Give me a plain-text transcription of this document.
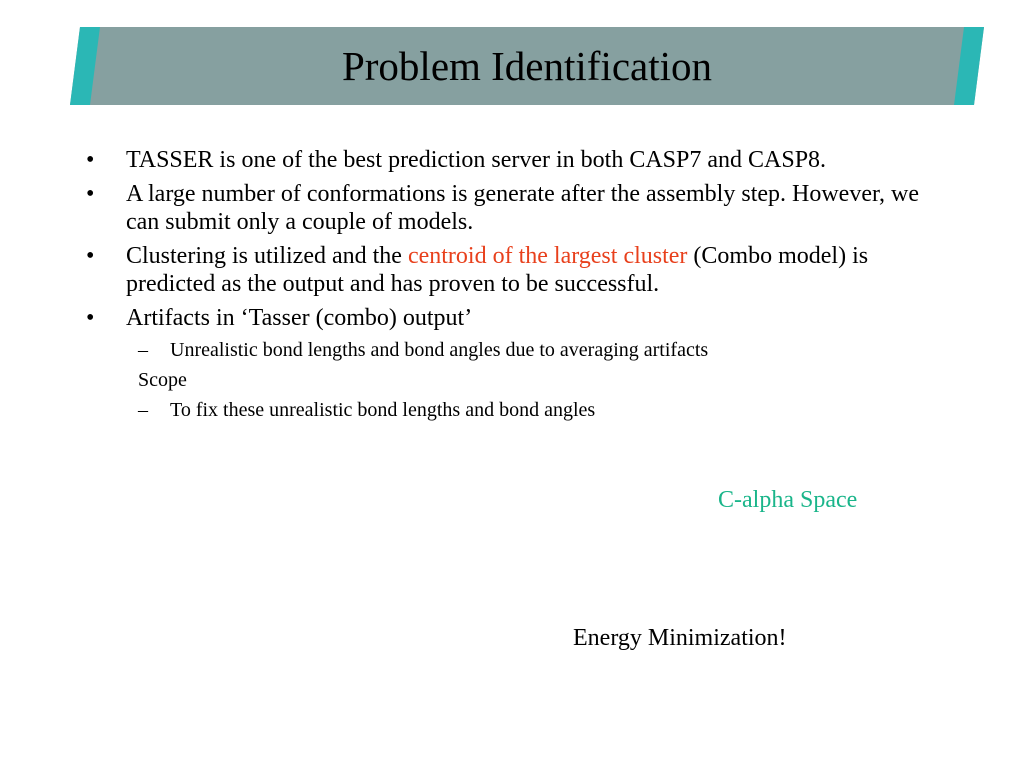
Problem Identification
• TASSER is one of the best prediction server in both CASP7 and CASP8.
• A large number of conformations is generate after the assembly step. However, we can submit only a couple of models.
• Clustering is utilized and the centroid of the largest cluster (Combo model) is predicted as the output and has proven to be successful.
• Artifacts in ‘Tasser (combo) output’
– Unrealistic bond lengths and bond angles due to averaging artifacts
Scope
– To fix these unrealistic bond lengths and bond angles
C-alpha Space
Energy Minimization!
